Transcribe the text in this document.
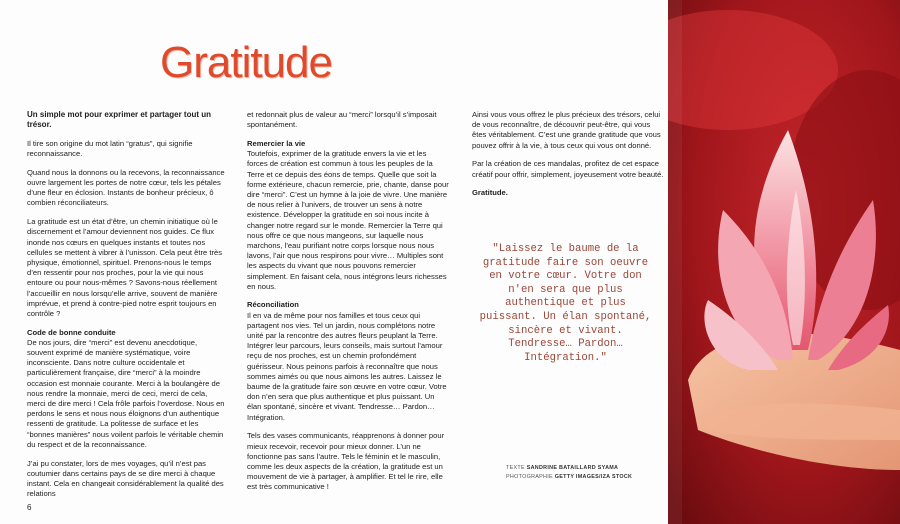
Gratitude

Un simple mot pour exprimer et partager tout un trésor.

Il tire son origine du mot latin “gratus”, qui signifie reconnaissance.

Quand nous la donnons ou la recevons, la reconnaissance ouvre largement les portes de notre cœur, tels les pétales d’une fleur en éclosion. Instants de bonheur précieux, ô combien réconciliateurs.

La gratitude est un état d’être, un chemin initiatique où le discernement et l’amour deviennent nos guides. Ce flux inonde nos cœurs en quelques instants et toutes nos cellules se mettent à vibrer à l’unisson. Cela peut être très physique, émotionnel, spirituel. Prenons-nous le temps d’en ressentir pour nos proches, pour la vie qui nous entoure ou pour nous-mêmes ? Savons-nous réellement l’accueillir en nous lorsqu’elle arrive, souvent de manière imprévue, et prend à contre-pied notre esprit toujours en contrôle ?

Code de bonne conduite

De nos jours, dire “merci” est devenu anecdotique, souvent exprimé de manière systématique, voire inconsciente. Dans notre culture occidentale et particulièrement française, dire “merci” à la moindre occasion est monnaie courante. Merci à la boulangère de nous rendre la monnaie, merci de ceci, merci de cela, merci de dire merci ! Cela frôle parfois l’overdose. Nous en perdons le sens et nous nous éloignons d’un authentique ressenti de gratitude. La politesse de surface et les “bonnes manières” nous voilent parfois le véritable chemin du respect et de la reconnaissance.

J’ai pu constater, lors de mes voyages, qu’il n’est pas coutumier dans certains pays de se dire merci à chaque instant. Cela en changeait considérablement la qualité des relations

et redonnait plus de valeur au “merci” lorsqu’il s’imposait spontanément.

Remercier la vie

Toutefois, exprimer de la gratitude envers la vie et les forces de création est commun à tous les peuples de la Terre et ce depuis des éons de temps. Quelle que soit la forme extérieure, chacun remercie, prie, chante, danse pour dire “merci”. C’est un hymne à la joie de vivre. Une manière de nous relier à l’univers, de trouver un sens à notre existence. Développer la gratitude en soi nous incite à changer notre regard sur le monde. Remercier la Terre qui nous offre ce que nous mangeons, sur laquelle nous marchons, l’eau purifiant notre corps lorsque nous nous lavons, l’air que nous respirons pour vivre… Multiples sont les aspects du vivant que nous pouvons remercier simplement. En faisant cela, nous intégrons leurs richesses en nous.

Réconciliation

Il en va de même pour nos familles et tous ceux qui partagent nos vies. Tel un jardin, nous complétons notre unité par la rencontre des autres fleurs peuplant la Terre. Intégrer leur parcours, leurs conseils, mais surtout l’amour reçu de nos proches, est un chemin profondément guérisseur. Nous peinons parfois à reconnaître que nous sommes aimés ou que nous aimons les autres. Laissez le baume de la gratitude faire son œuvre en votre cœur. Votre don n’en sera que plus authentique et plus puissant. Un élan spontané, sincère et vivant. Tendresse… Pardon… Intégration.

Tels des vases communicants, réapprenons à donner pour mieux recevoir, recevoir pour mieux donner. L’un ne fonctionne pas sans l’autre. Tels le féminin et le masculin, comme les deux aspects de la création, la gratitude est un mouvement de vie à partager, à amplifier. Et tel le rire, elle est très communicative !

Ainsi vous vous offrez le plus précieux des trésors, celui de vous reconnaître, de découvrir peut-être, qui vous êtes véritablement. C’est une grande gratitude que vous pouvez offrir à la vie, à tous ceux qui vous ont donné.

Par la création de ces mandalas, profitez de cet espace créatif pour offrir, simplement, joyeusement votre beauté.

Gratitude.

"Laissez le baume de la gratitude faire son oeuvre en votre cœur. Votre don n'en sera que plus authentique et plus puissant. Un élan spontané, sincère et vivant. Tendresse… Pardon… Intégration."

TEXTE SANDRINE BATAILLARD SYAMA
PHOTOGRAPHIE GETTY IMAGES/IZA STOCK
6
